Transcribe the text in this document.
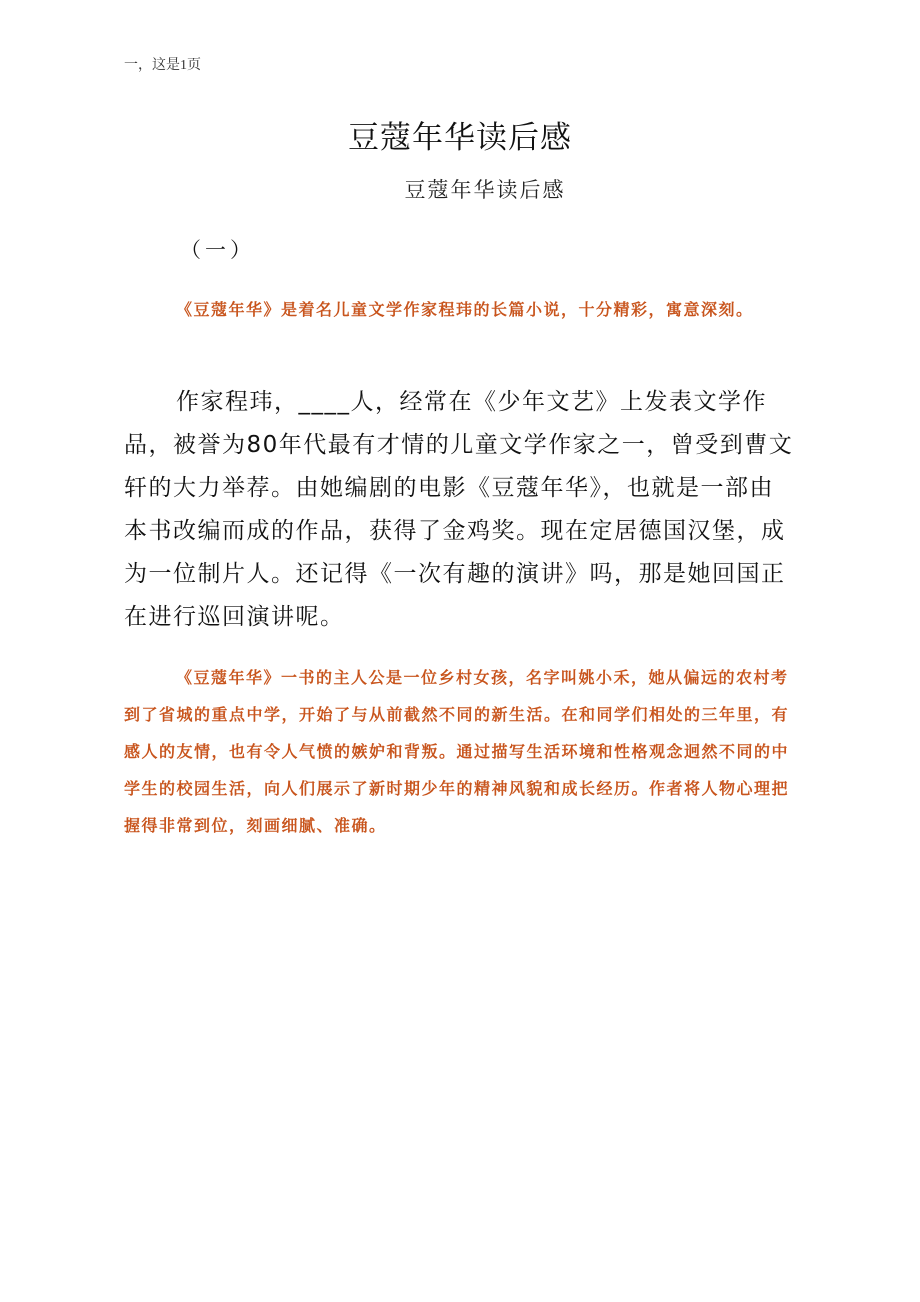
一，这是1页
豆蔻年华读后感
豆蔻年华读后感
（一）

《豆蔻年华》是着名儿童文学作家程玮的长篇小说，十分精彩，寓意深刻。

作家程玮，____人，经常在《少年文艺》上发表文学作品，被誉为80年代最有才情的儿童文学作家之一，曾受到曹文轩的大力举荐。由她编剧的电影《豆蔻年华》，也就是一部由本书改编而成的作品，获得了金鸡奖。现在定居德国汉堡，成为一位制片人。还记得《一次有趣的演讲》吗，那是她回国正在进行巡回演讲呢。

《豆蔻年华》一书的主人公是一位乡村女孩，名字叫姚小禾，她从偏远的农村考到了省城的重点中学，开始了与从前截然不同的新生活。在和同学们相处的三年里，有感人的友情，也有令人气愤的嫉妒和背叛。通过描写生活环境和性格观念迥然不同的中学生的校园生活，向人们展示了新时期少年的精神风貌和成长经历。作者将人物心理把握得非常到位，刻画细腻、准确。
